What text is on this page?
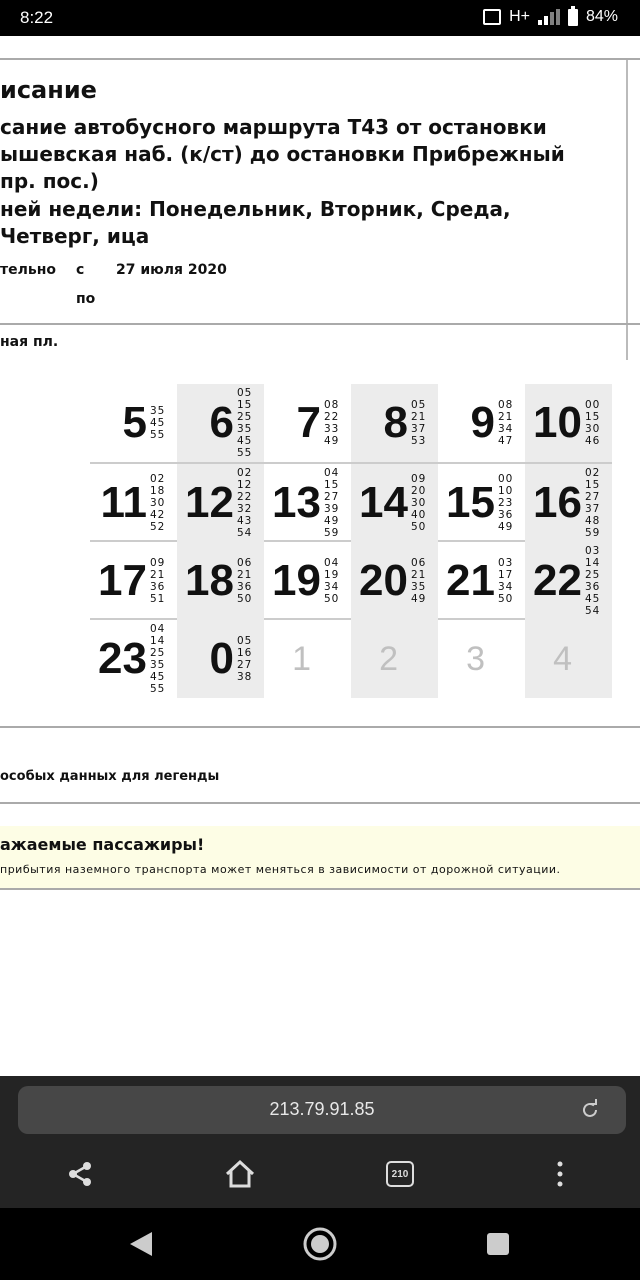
8:22	H+	84%
исание
сание автобусного маршрута Т43 от остановки ышевская наб. (к/ст) до остановки Прибрежный пр. пос.)
ней недели: Понедельник, Вторник, Среда, Четверг, ица
тельно с 27 июля 2020
по
ная пл.
5 35
45
55 6
05
15
25
35
45
55
7 08
22
33
49 8 05
21
37
53 9 08
21
34
47 10 00
15
30
46
11 02
18
30
42
52 12
02
12
22
32
43
54
13
04
15
27
39
49
59
14 09
20
30
40
50 15 00
10
23
36
49 16
02
15
27
37
48
59
17 09
21
36
51 18 06
21
36
50 19 04
19
34
50 20 06
21
35
49 21 03
17
34
50 22
03
14
25
36
45
54
23
04
14
25
35
45
55
0 05
16
27
38 1 2 3 4
особых данных для легенды
ажаемые пассажиры!
прибытия наземного транспорта может меняться в зависимости от дорожной ситуации.
213.79.91.85
210
